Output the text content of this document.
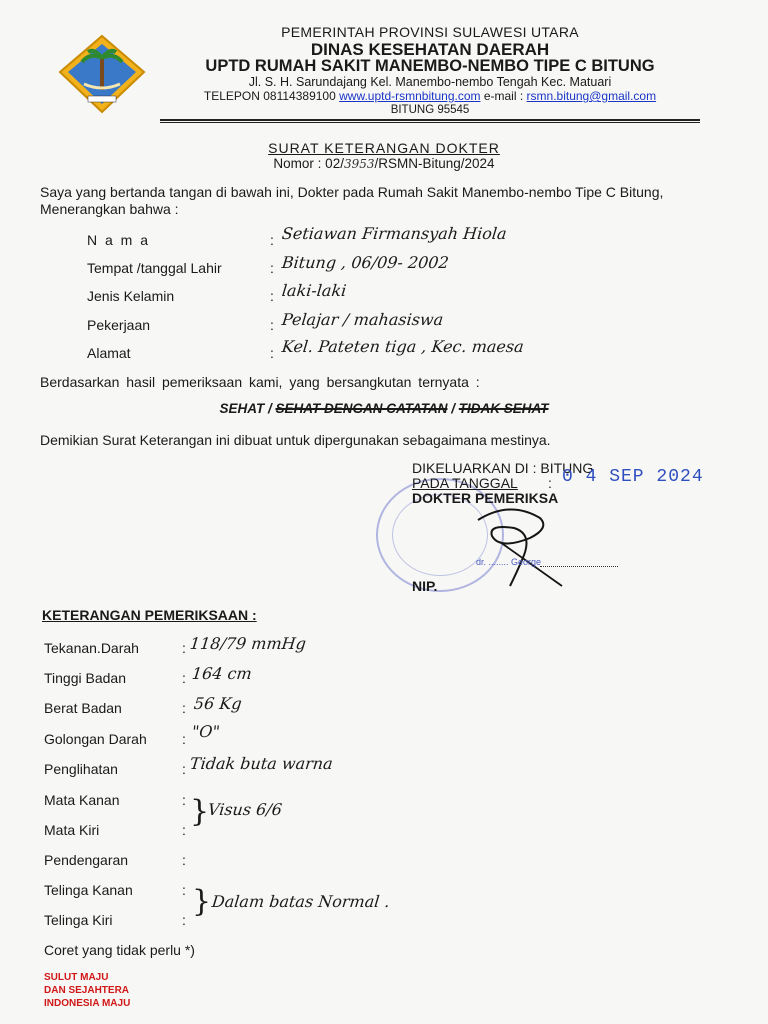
PEMERINTAH PROVINSI SULAWESI UTARA
DINAS KESEHATAN DAERAH
UPTD RUMAH SAKIT MANEMBO-NEMBO TIPE C BITUNG
Jl. S. H. Sarundajang Kel. Manembo-nembo Tengah Kec. Matuari
TELEPON 08114389100 www.uptd-rsmnbitung.com e-mail : rsmn.bitung@gmail.com
BITUNG 95545
SURAT KETERANGAN DOKTER
Nomor : 02/3953/RSMN-Bitung/2024
Saya yang bertanda tangan di bawah ini, Dokter pada Rumah Sakit Manembo-nembo Tipe C Bitung,
Menerangkan bahwa :
N a m a	: Setiawan Firmansyah Hiola
Tempat /tanggal Lahir	: Bitung , 06/09- 2002
Jenis Kelamin	: laki-laki
Pekerjaan	: Pelajar / mahasiswa
Alamat	: Kel. Pateten tiga , Kec. maesa
Berdasarkan hasil pemeriksaan kami, yang bersangkutan ternyata :
SEHAT / SEHAT DENGAN CATATAN / TIDAK SEHAT
Demikian Surat Keterangan ini dibuat untuk dipergunakan sebagaimana mestinya.
DIKELUARKAN DI : BITUNG
PADA TANGGAL : 0 4 SEP 2024
DOKTER PEMERIKSA
dr. ........ George
NIP.
KETERANGAN PEMERIKSAAN :
Tekanan.Darah	: 118/79 mmHg
Tinggi Badan	: 164 cm
Berat Badan	: 56 Kg
Golongan Darah	: "O"
Penglihatan	: Tidak buta warna
Mata Kanan	:
Mata Kiri	:
}
Visus 6/6
Pendengaran	:
Telinga Kanan	:
Telinga Kiri	:
} Dalam batas Normal .
Coret yang tidak perlu *)
SULUT MAJU
DAN SEJAHTERA
INDONESIA MAJU
